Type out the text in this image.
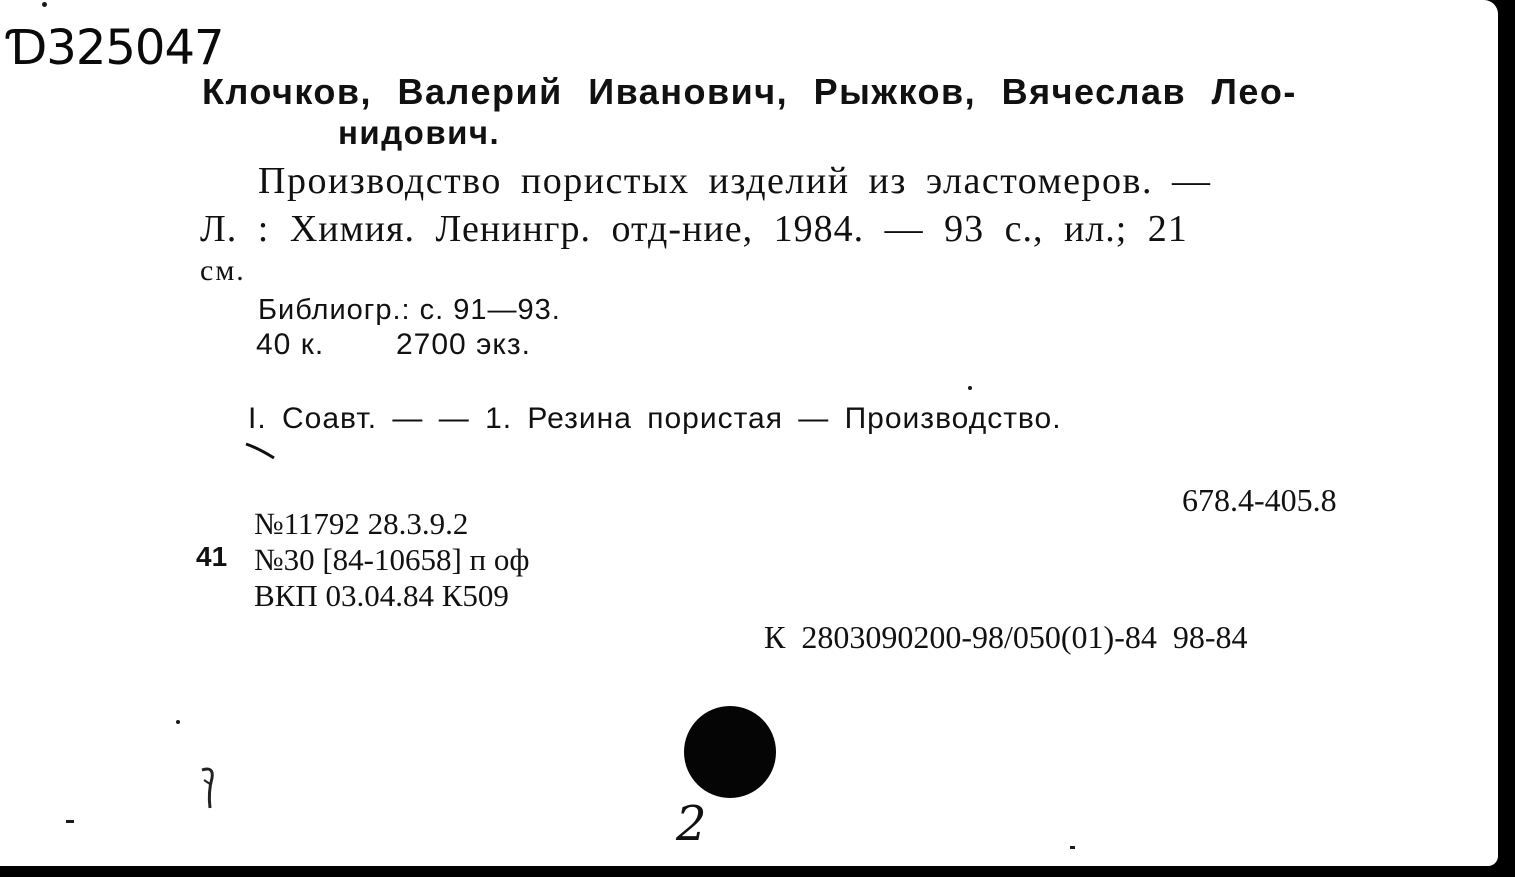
Ɗ325047
Клочков, Валерий Иванович, Рыжков, Вячеслав Лео-
нидович.
Производство пористых изделий из эластомеров. —
Л. : Химия. Ленингр. отд-ние, 1984. — 93 с., ил.; 21
см.
Библиогр.: с. 91—93.
40 к. 2700 экз.
I. Соавт. — — 1. Резина пористая — Производство.
678.4-405.8
№11792 28.3.9.2
41 №30 [84-10658] п оф
ВКП 03.04.84 К509
К 2803090200-98/050(01)-84 98-84
2
